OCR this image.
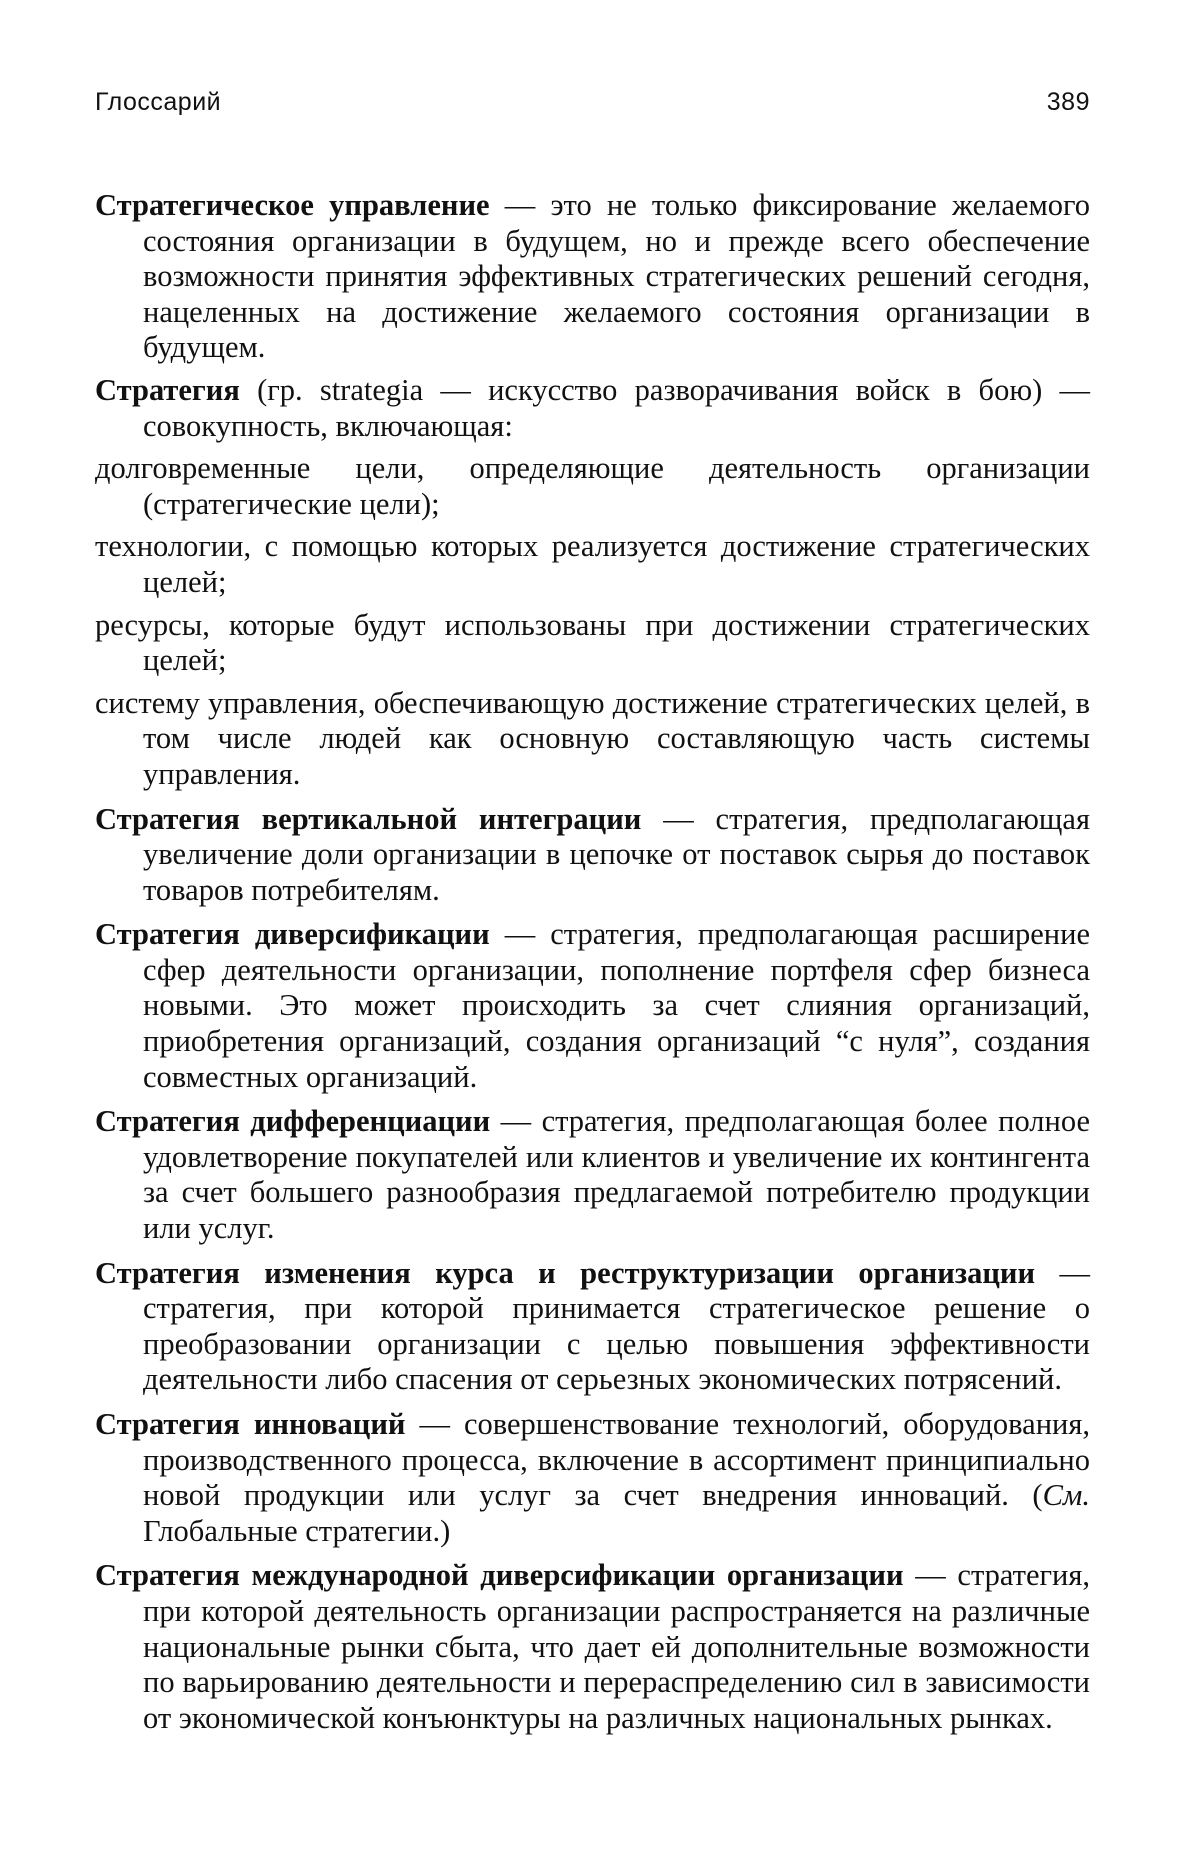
Глоссарий	389

Стратегическое управление — это не только фиксирование желаемого состояния организации в будущем, но и прежде всего обеспечение возможности принятия эффективных стратегических решений сегодня, нацеленных на достижение желаемого состояния организации в будущем.

Стратегия (гр. strategia — искусство разворачивания войск в бою) — совокупность, включающая:

долговременные цели, определяющие деятельность организации (стратегические цели);

технологии, с помощью которых реализуется достижение стратегических целей;

ресурсы, которые будут использованы при достижении стратегических целей;

систему управления, обеспечивающую достижение стратегических целей, в том числе людей как основную составляющую часть системы управления.

Стратегия вертикальной интеграции — стратегия, предполагающая увеличение доли организации в цепочке от поставок сырья до поставок товаров потребителям.

Стратегия диверсификации — стратегия, предполагающая расширение сфер деятельности организации, пополнение портфеля сфер бизнеса новыми. Это может происходить за счет слияния организаций, приобретения организаций, создания организаций “с нуля”, создания совместных организаций.

Стратегия дифференциации — стратегия, предполагающая более полное удовлетворение покупателей или клиентов и увеличение их контингента за счет большего разнообразия предлагаемой потребителю продукции или услуг.

Стратегия изменения курса и реструктуризации организации — стратегия, при которой принимается стратегическое решение о преобразовании организации с целью повышения эффективности деятельности либо спасения от серьезных экономических потрясений.

Стратегия инноваций — совершенствование технологий, оборудования, производственного процесса, включение в ассортимент принципиально новой продукции или услуг за счет внедрения инноваций. (См. Глобальные стратегии.)

Стратегия международной диверсификации организации — стратегия, при которой деятельность организации распространяется на различные национальные рынки сбыта, что дает ей дополнительные возможности по варьированию деятельности и перераспределению сил в зависимости от экономической конъюнктуры на различных национальных рынках.
